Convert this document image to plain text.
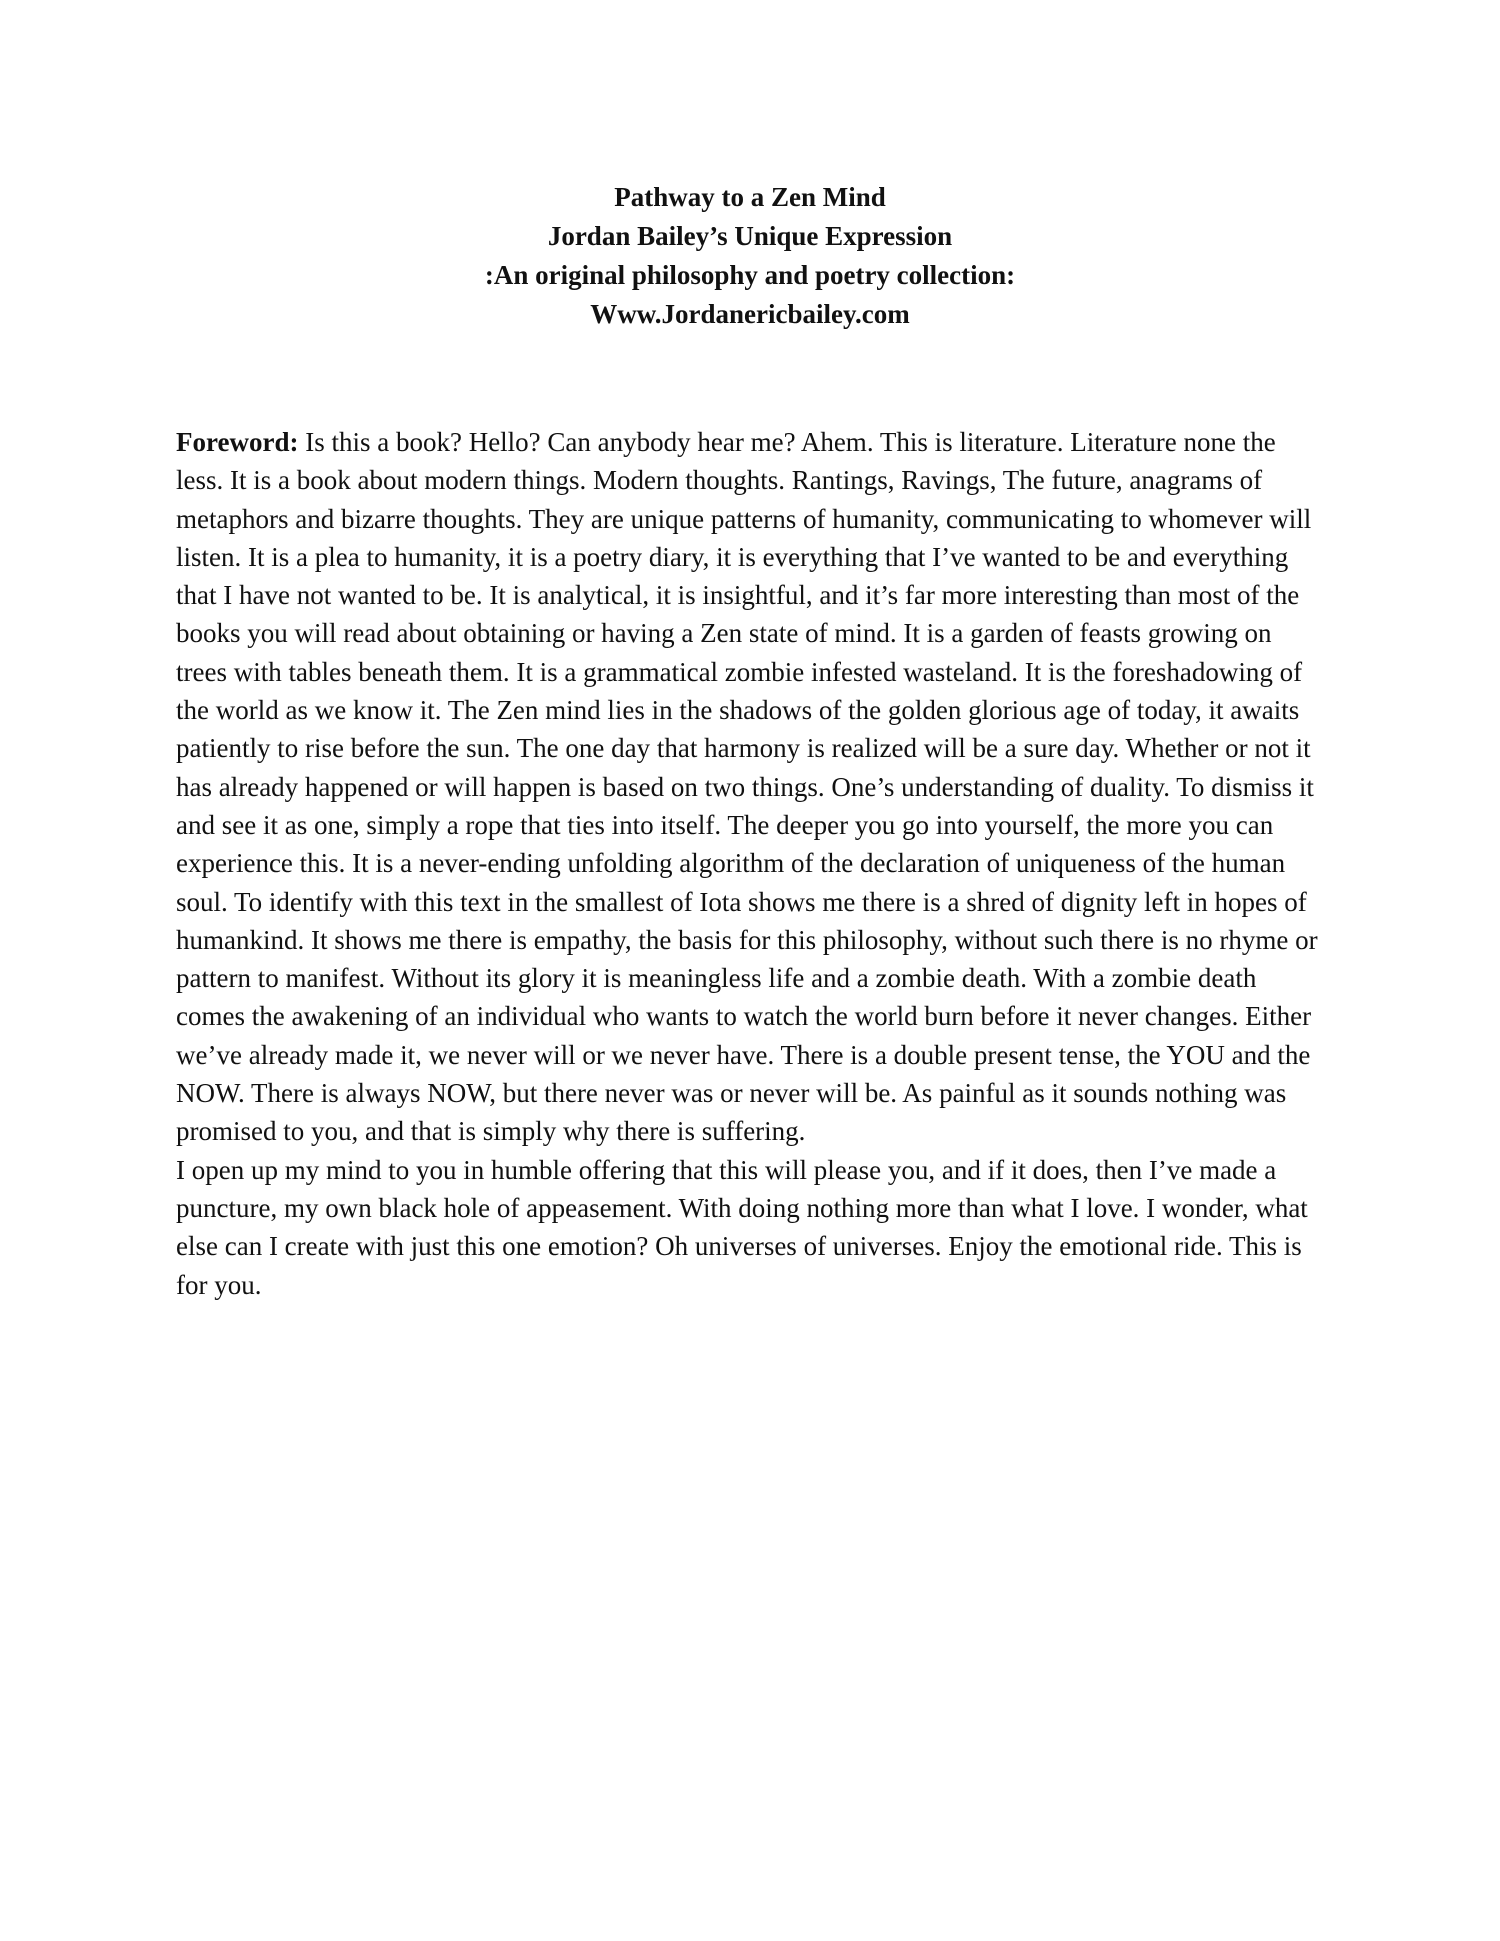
Pathway to a Zen Mind
Jordan Bailey’s Unique Expression
:An original philosophy and poetry collection:
Www.Jordanericbailey.com

Foreword: Is this a book? Hello? Can anybody hear me? Ahem. This is literature. Literature none the less. It is a book about modern things. Modern thoughts. Rantings, Ravings, The future, anagrams of metaphors and bizarre thoughts. They are unique patterns of humanity, communicating to whomever will listen. It is a plea to humanity, it is a poetry diary, it is everything that I’ve wanted to be and everything that I have not wanted to be. It is analytical, it is insightful, and it’s far more interesting than most of the books you will read about obtaining or having a Zen state of mind. It is a garden of feasts growing on trees with tables beneath them. It is a grammatical zombie infested wasteland. It is the foreshadowing of the world as we know it. The Zen mind lies in the shadows of the golden glorious age of today, it awaits patiently to rise before the sun. The one day that harmony is realized will be a sure day. Whether or not it has already happened or will happen is based on two things. One’s understanding of duality. To dismiss it and see it as one, simply a rope that ties into itself. The deeper you go into yourself, the more you can experience this. It is a never-ending unfolding algorithm of the declaration of uniqueness of the human soul. To identify with this text in the smallest of Iota shows me there is a shred of dignity left in hopes of humankind. It shows me there is empathy, the basis for this philosophy, without such there is no rhyme or pattern to manifest. Without its glory it is meaningless life and a zombie death. With a zombie death comes the awakening of an individual who wants to watch the world burn before it never changes. Either we’ve already made it, we never will or we never have. There is a double present tense, the YOU and the NOW. There is always NOW, but there never was or never will be. As painful as it sounds nothing was promised to you, and that is simply why there is suffering.

I open up my mind to you in humble offering that this will please you, and if it does, then I’ve made a puncture, my own black hole of appeasement. With doing nothing more than what I love. I wonder, what else can I create with just this one emotion? Oh universes of universes. Enjoy the emotional ride. This is for you.
